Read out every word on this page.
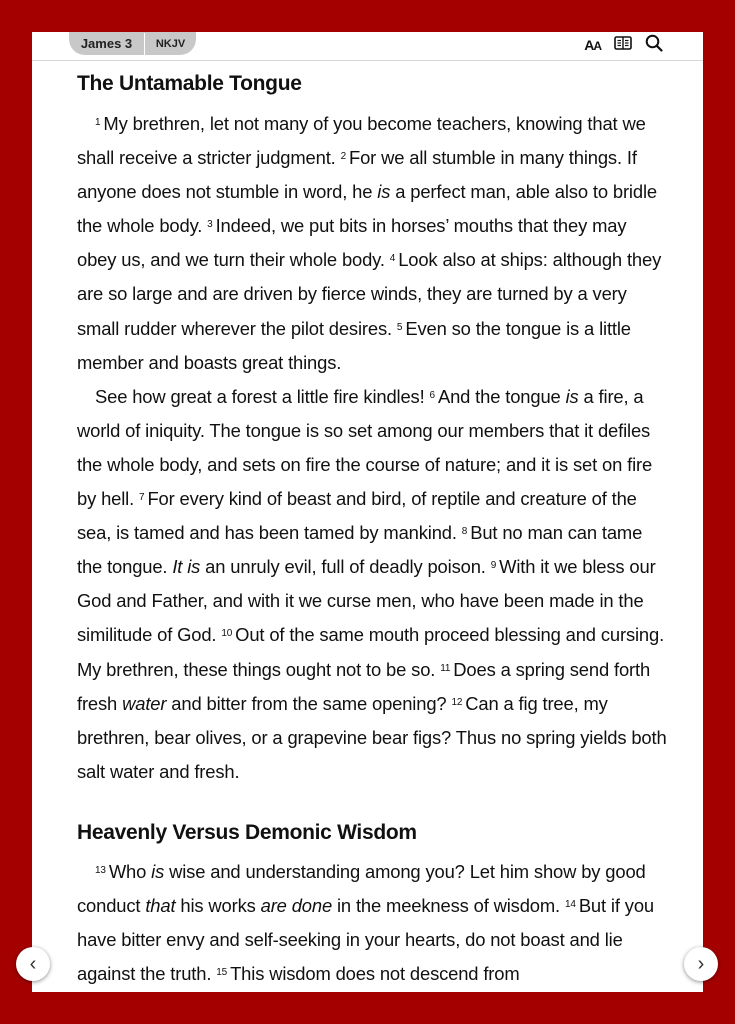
James 3	NKJV	AA
The Untamable Tongue

$^1$ My brethren, let not many of you become teachers, knowing that we shall receive a stricter judgment. $^2$ For we all stumble in many things. If anyone does not stumble in word, he is a perfect man, able also to bridle the whole body. $^3$ Indeed, we put bits in horses’ mouths that they may obey us, and we turn their whole body. $^4$ Look also at ships: although they are so large and are driven by fierce winds, they are turned by a very small rudder wherever the pilot desires. $^5$ Even so the tongue is a little member and boasts great things.

See how great a forest a little fire kindles! $^6$ And the tongue is a fire, a world of iniquity. The tongue is so set among our members that it defiles the whole body, and sets on fire the course of nature; and it is set on fire by hell. $^7$ For every kind of beast and bird, of reptile and creature of the sea, is tamed and has been tamed by mankind. $^8$ But no man can tame the tongue. It is an unruly evil, full of deadly poison. $^9$ With it we bless our God and Father, and with it we curse men, who have been made in the similitude of God. $^{10}$ Out of the same mouth proceed blessing and cursing. My brethren, these things ought not to be so. $^{11}$ Does a spring send forth fresh water and bitter from the same opening? $^{12}$ Can a fig tree, my brethren, bear olives, or a grapevine bear figs? Thus no spring yields both salt water and fresh.

Heavenly Versus Demonic Wisdom

$^{13}$ Who is wise and understanding among you? Let him show by good conduct that his works are done in the meekness of wisdom. $^{14}$ But if you have bitter envy and self-seeking in your hearts, do not boast and lie against the truth. $^{15}$ This wisdom does not descend from

‹	›
